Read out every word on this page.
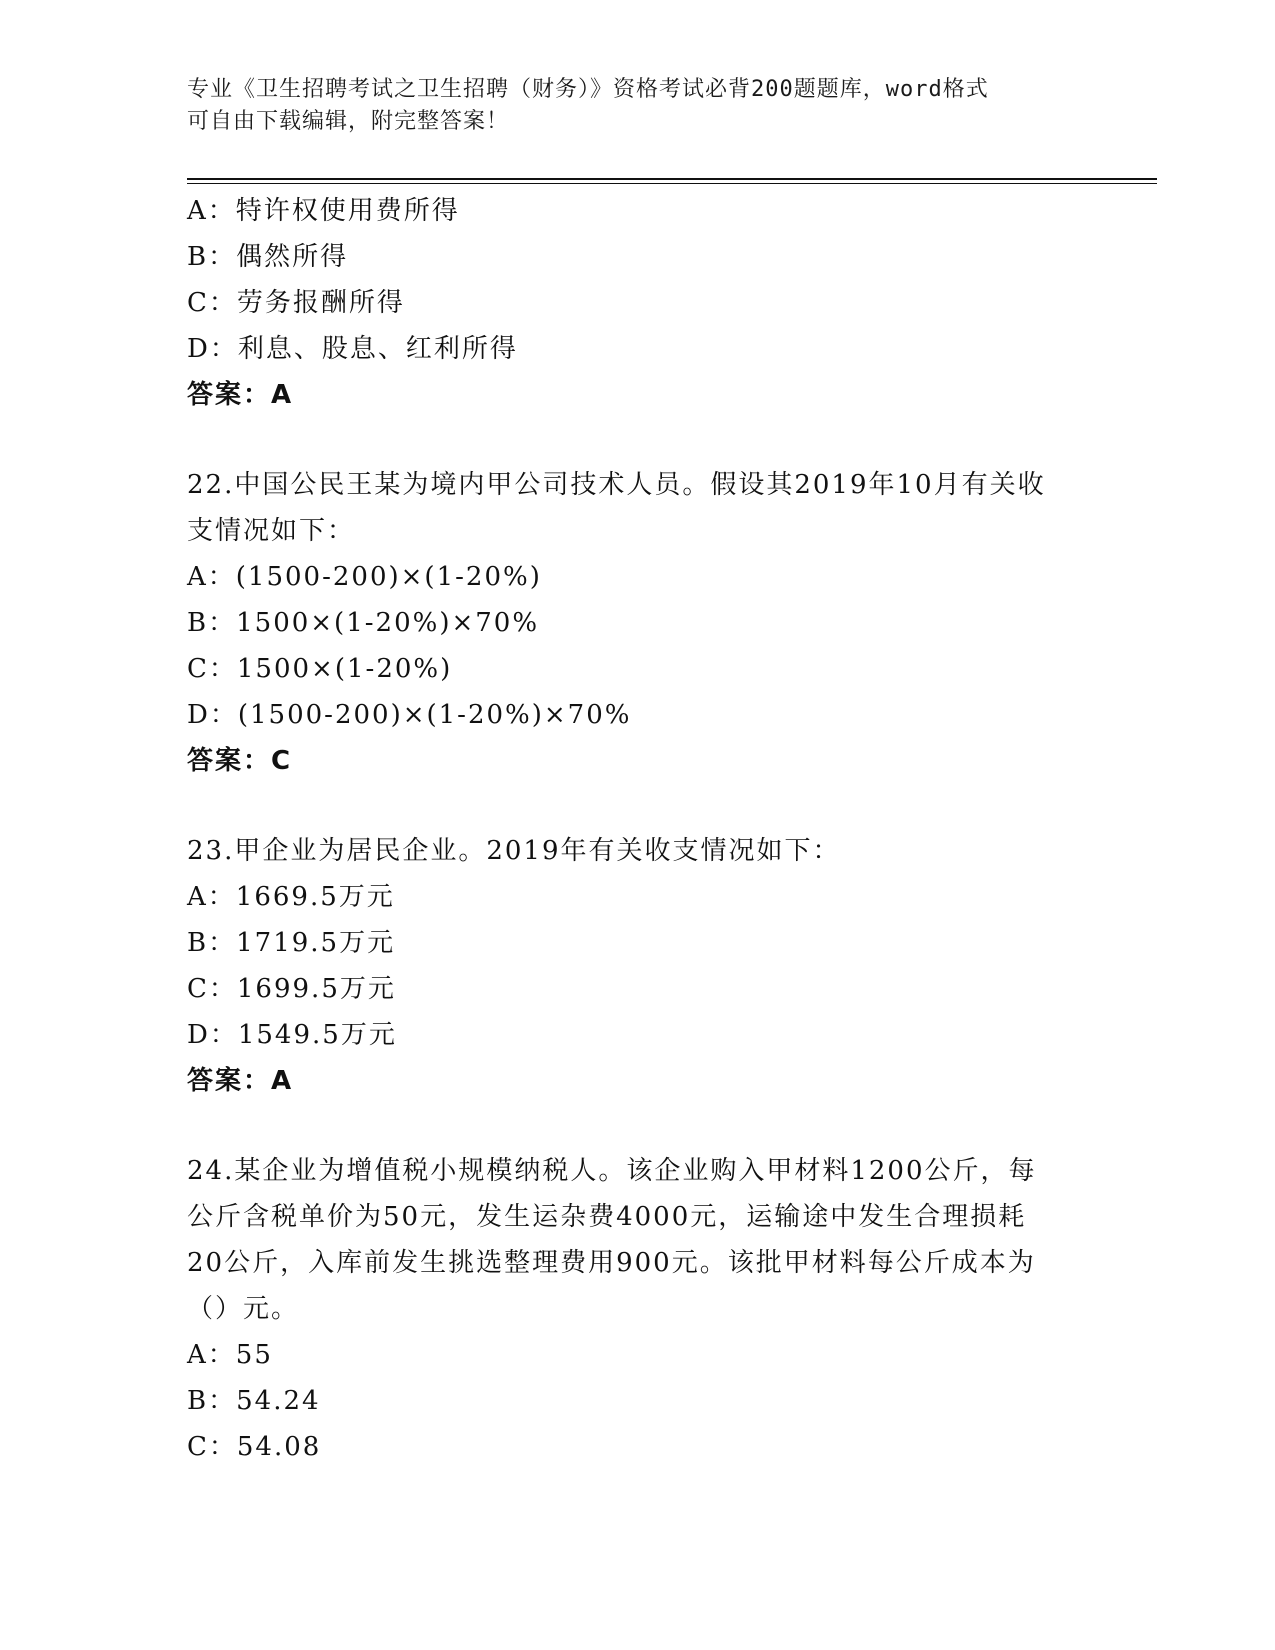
专业《卫生招聘考试之卫生招聘（财务）》资格考试必背200题题库，word格式
可自由下载编辑，附完整答案！
A：特许权使用费所得
B：偶然所得
C：劳务报酬所得
D：利息、股息、红利所得
答案：A
22.中国公民王某为境内甲公司技术人员。假设其2019年10月有关收
支情况如下：
A：(1500-200)×(1-20%)
B：1500×(1-20%)×70%
C：1500×(1-20%)
D：(1500-200)×(1-20%)×70%
答案：C
23.甲企业为居民企业。2019年有关收支情况如下：
A：1669.5万元
B：1719.5万元
C：1699.5万元
D：1549.5万元
答案：A
24.某企业为增值税小规模纳税人。该企业购入甲材料1200公斤，每
公斤含税单价为50元，发生运杂费4000元，运输途中发生合理损耗
20公斤，入库前发生挑选整理费用900元。该批甲材料每公斤成本为
（）元。
A：55
B：54.24
C：54.08
